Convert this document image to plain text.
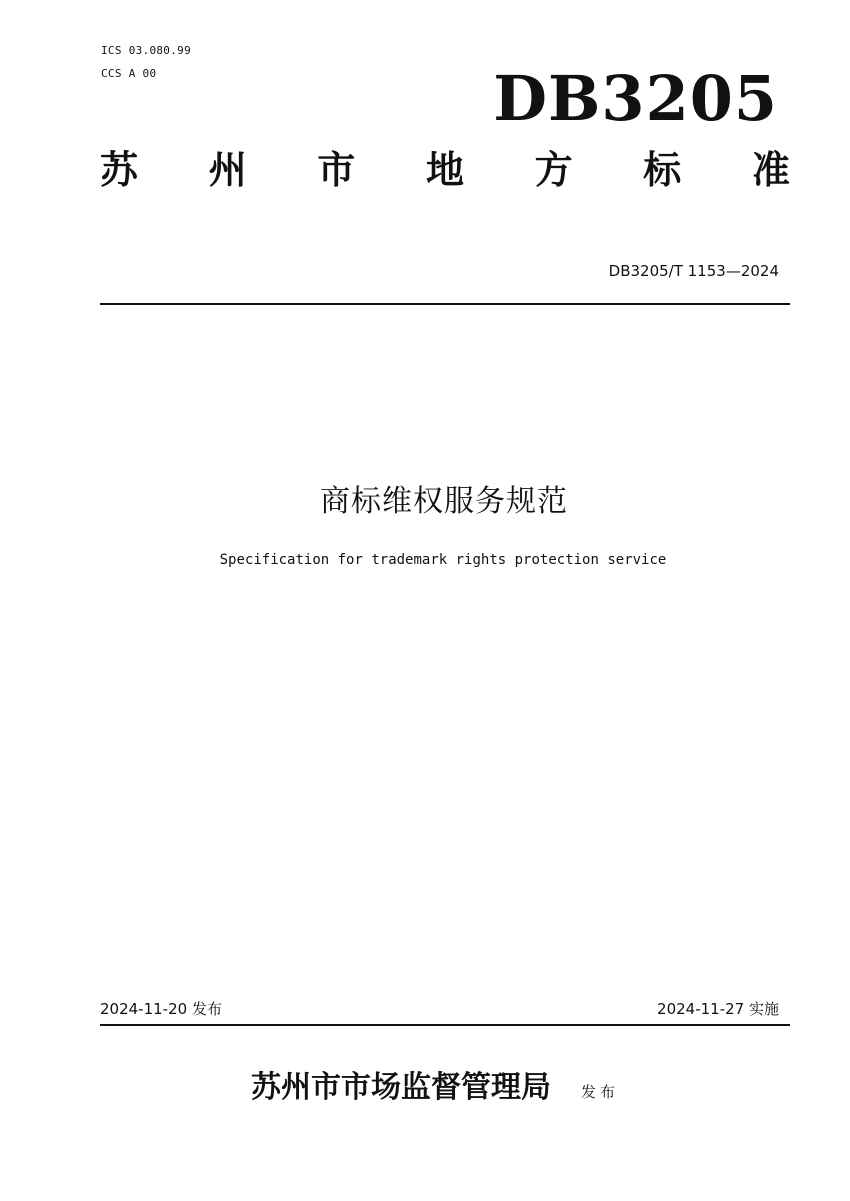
ICS 03.080.99
CCS A 00	DB3205
苏 州 市 地 方 标 准
DB3205/T 1153—2024
商标维权服务规范
Specification for trademark rights protection service
2024-11-20 发布	2024-11-27 实施
苏州市市场监督管理局 发布
